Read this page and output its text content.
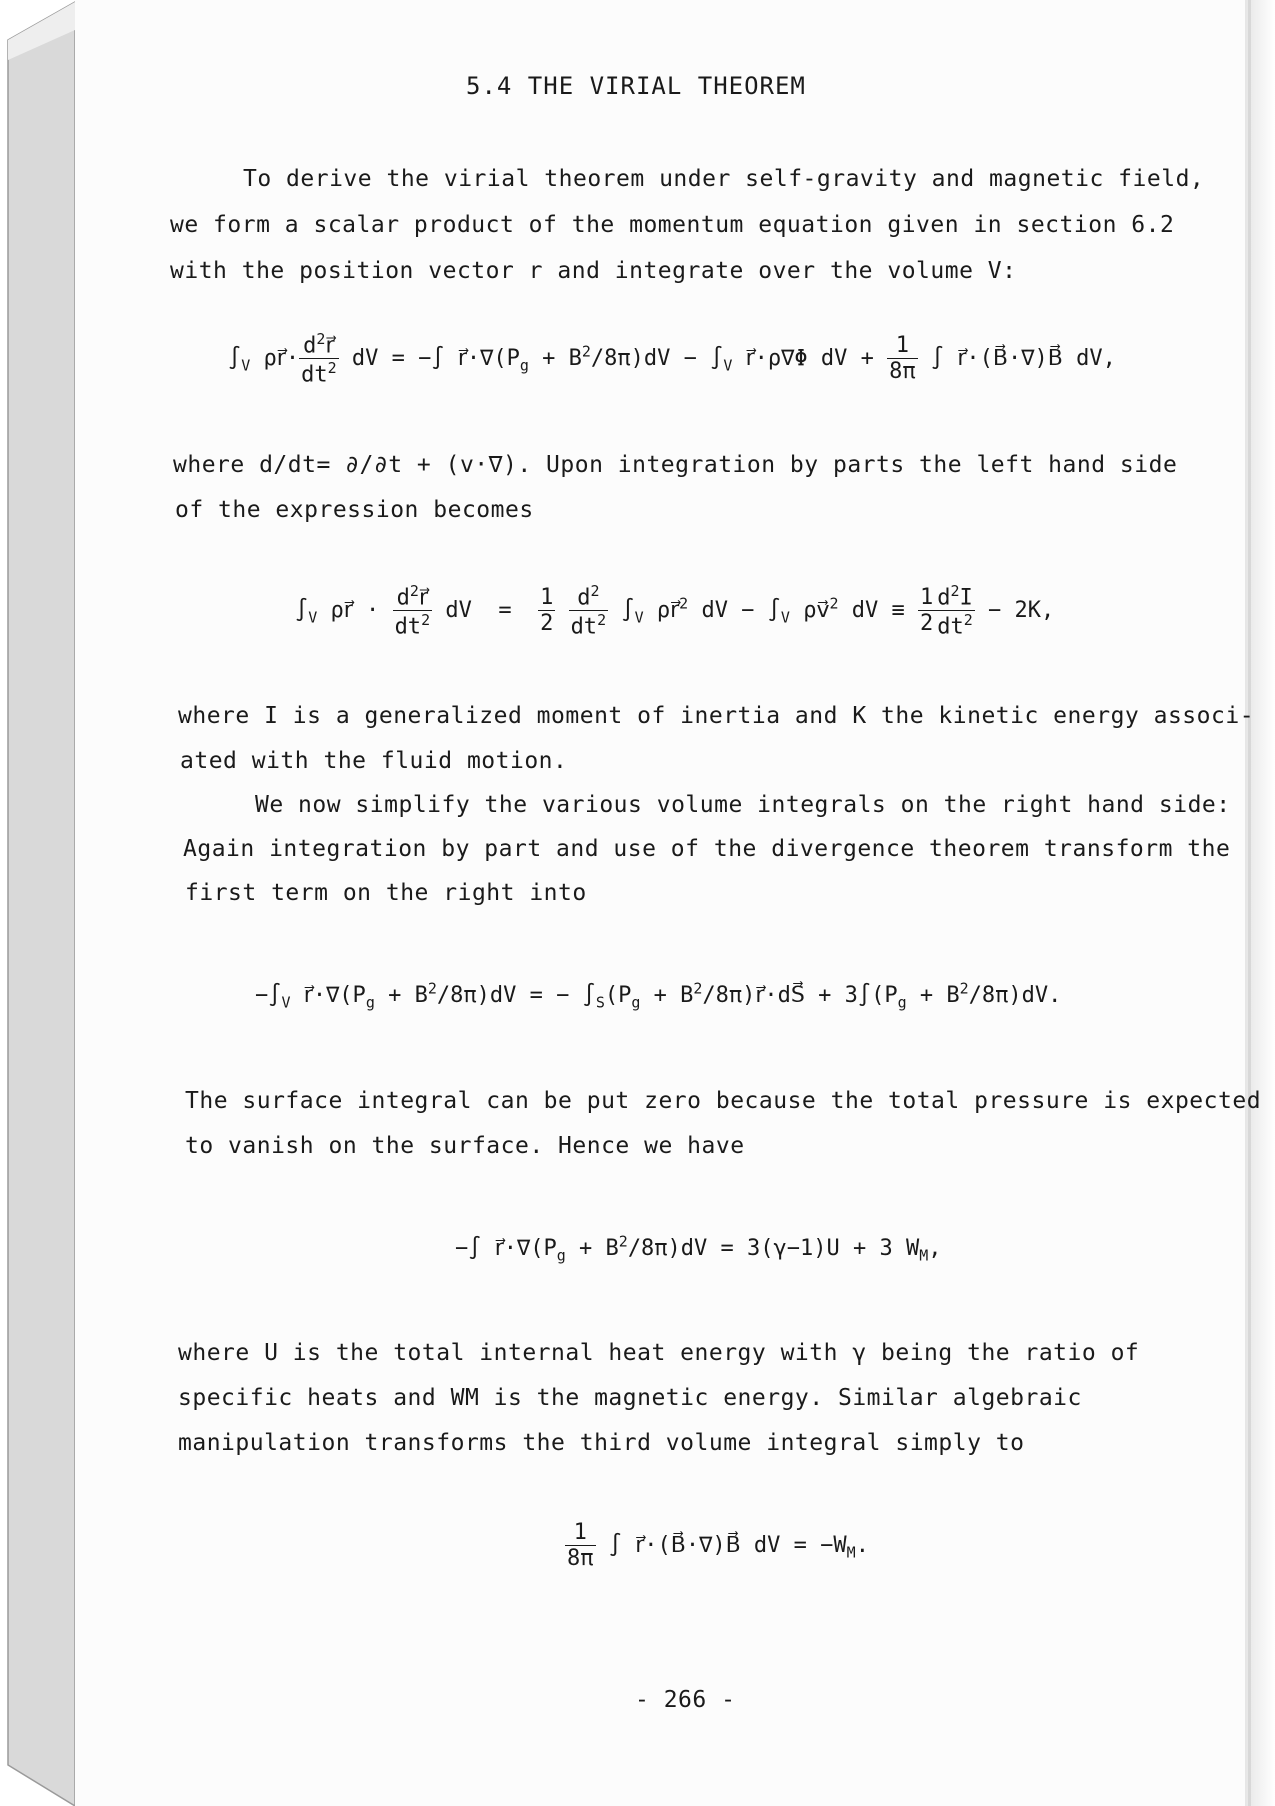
5.4 THE VIRIAL THEOREM
To derive the virial theorem under self-gravity and magnetic field,
we form a scalar product of the momentum equation given in section 6.2
with the position vector r and integrate over the volume V:
$\int_V$ ρr⃗· $\frac{d^2r⃗}{dt^2}$ dV = −∫ $r⃗\cdot\nabla(P_g + B^2/8\pi)dV - \int_V$ r⃗·ρ∇Φ dV + $\frac{1}{8\pi}$ ∫ r⃗·(B⃗·∇)B⃗ dV,
where d/dt= ∂/∂t + (v·∇). Upon integration by parts the left hand side
of the expression becomes
$\int_V$ ρr⃗ · $\frac{d^2r⃗}{dt^2}$ dV  = $\frac{1}{2}$
$\frac{d^2}{dt^2} \int_V$ ρr⃗$^2$ dV − $\int_V$ ρv⃗$^2$ dV ≡ $\frac{1}{2} \frac{d^2I}{dt^2} - 2K$,
where I is a generalized moment of inertia and K the kinetic energy associ-
ated with the fluid motion.
We now simplify the various volume integrals on the right hand side:
Again integration by part and use of the divergence theorem transform the
first term on the right into
$-\int_V$ $r⃗\cdot\nabla(P_g + B^2/8\pi)dV$ = − $\int_S(P_g$ + $B^2/8\pi)r⃗\cdot dS⃗ + 3\int(P_g + B^2/8\pi)dV$.
The surface integral can be put zero because the total pressure is expected
to vanish on the surface. Hence we have
−∫ $r⃗\cdot\nabla(P_g + B^2/8\pi)dV = 3(\gamma-1)U + 3$ $W_M$,
where U is the total internal heat energy with γ being the ratio of
specific heats and WM is the magnetic energy. Similar algebraic
manipulation transforms the third volume integral simply to
$\frac{1}{8\pi}$ ∫ r⃗·(B⃗·∇)B⃗ dV = $-W_M$.
- 266 -
